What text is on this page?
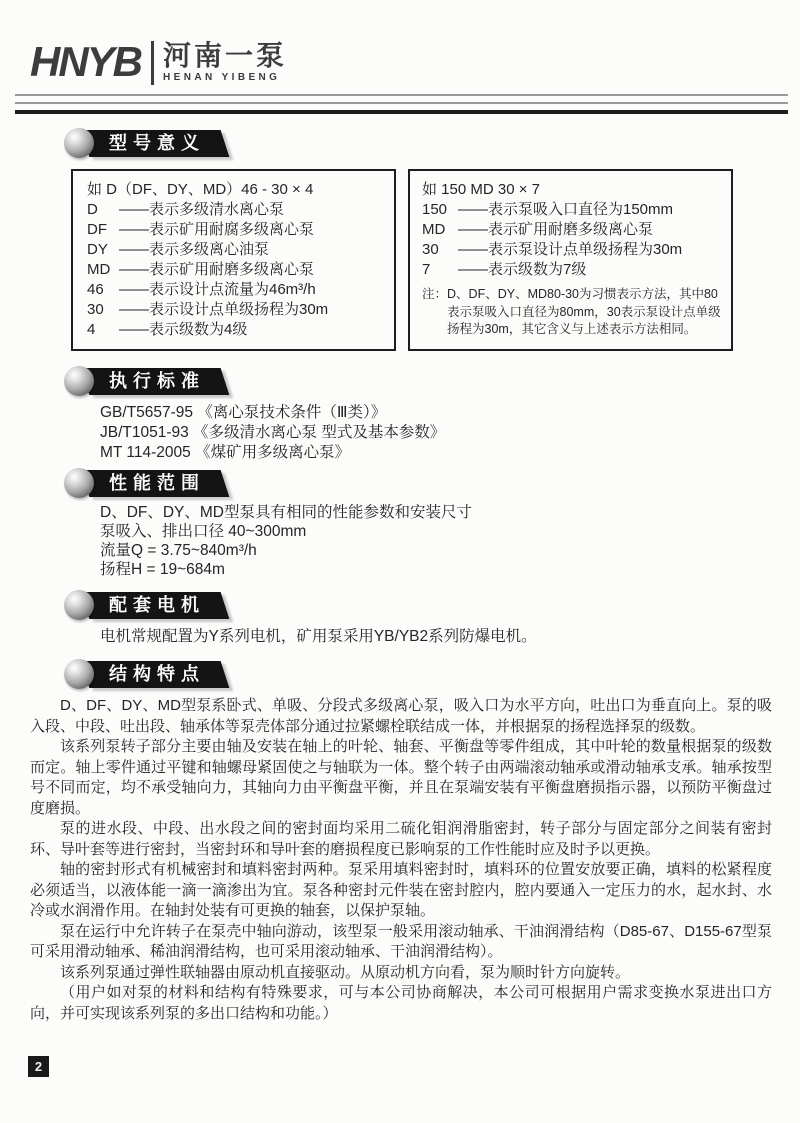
HNYB 河南一泵
HENAN YIBENG
型号意义
如 D（DF、DY、MD）46 - 30 × 4
D	——表示多级清水离心泵
DF ——表示矿用耐腐多级离心泵
DY ——表示多级离心油泵
MD ——表示矿用耐磨多级离心泵
46	——表示设计点流量为46m³/h
30	——表示设计点单级扬程为30m
4	——表示级数为4级
如 150 MD 30 × 7
150 ——表示泵吸入口直径为150mm
MD ——表示矿用耐磨多级离心泵
30	——表示泵设计点单级扬程为30m
7	——表示级数为7级
注： D、DF、DY、MD80-30为习惯表示方法，其中80表示泵吸入口直径为80mm，30表示泵设计点单级扬程为30m，其它含义与上述表示方法相同。
执行标准
GB/T5657-95 《离心泵技术条件（Ⅲ类）》
JB/T1051-93 《多级清水离心泵 型式及基本参数》
MT 114-2005 《煤矿用多级离心泵》
性能范围
D、DF、DY、MD型泵具有相同的性能参数和安装尺寸
泵吸入、排出口径 40~300mm
流量Q = 3.75~840m³/h
扬程H = 19~684m
配套电机
电机常规配置为Y系列电机，矿用泵采用YB/YB2系列防爆电机。
结构特点

D、DF、DY、MD型泵系卧式、单吸、分段式多级离心泵，吸入口为水平方向，吐出口为垂直向上。泵的吸入段、中段、吐出段、轴承体等泵壳体部分通过拉紧螺栓联结成一体，并根据泵的扬程选择泵的级数。

该系列泵转子部分主要由轴及安装在轴上的叶轮、轴套、平衡盘等零件组成，其中叶轮的数量根据泵的级数而定。轴上零件通过平键和轴螺母紧固使之与轴联为一体。整个转子由两端滚动轴承或滑动轴承支承。轴承按型号不同而定，均不承受轴向力，其轴向力由平衡盘平衡，并且在泵端安装有平衡盘磨损指示器，以预防平衡盘过度磨损。

泵的进水段、中段、出水段之间的密封面均采用二硫化钼润滑脂密封，转子部分与固定部分之间装有密封环、导叶套等进行密封，当密封环和导叶套的磨损程度已影响泵的工作性能时应及时予以更换。

轴的密封形式有机械密封和填料密封两种。泵采用填料密封时，填料环的位置安放要正确，填料的松紧程度必须适当，以液体能一滴一滴渗出为宜。泵各种密封元件装在密封腔内，腔内要通入一定压力的水，起水封、水冷或水润滑作用。在轴封处装有可更换的轴套，以保护泵轴。

泵在运行中允许转子在泵壳中轴向游动，该型泵一般采用滚动轴承、干油润滑结构（D85-67、D155-67型泵可采用滑动轴承、稀油润滑结构，也可采用滚动轴承、干油润滑结构）。

该系列泵通过弹性联轴器由原动机直接驱动。从原动机方向看，泵为顺时针方向旋转。

（用户如对泵的材料和结构有特殊要求，可与本公司协商解决，本公司可根据用户需求变换水泵进出口方向，并可实现该系列泵的多出口结构和功能。）

2
